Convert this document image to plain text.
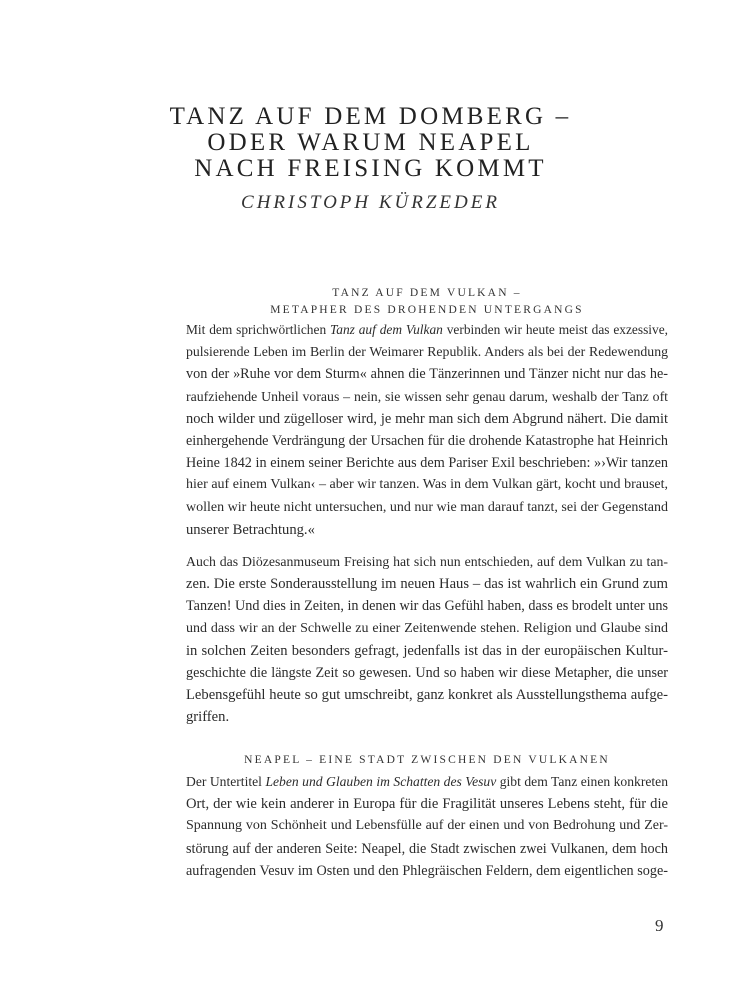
TANZ AUF DEM DOMBERG –
ODER WARUM NEAPEL
NACH FREISING KOMMT
CHRISTOPH KÜRZEDER
TANZ AUF DEM VULKAN –
METAPHER DES DROHENDEN UNTERGANGS
Mit dem sprichwörtlichen Tanz auf dem Vulkan verbinden wir heute meist das exzessive,
pulsierende Leben im Berlin der Weimarer Republik. Anders als bei der Redewendung
von der »Ruhe vor dem Sturm« ahnen die Tänzerinnen und Tänzer nicht nur das he-
raufziehende Unheil voraus – nein, sie wissen sehr genau darum, weshalb der Tanz oft
noch wilder und zügelloser wird, je mehr man sich dem Abgrund nähert. Die damit
einhergehende Verdrängung der Ursachen für die drohende Katastrophe hat Heinrich
Heine 1842 in einem seiner Berichte aus dem Pariser Exil beschrieben: »›Wir tanzen
hier auf einem Vulkan‹ – aber wir tanzen. Was in dem Vulkan gärt, kocht und brauset,
wollen wir heute nicht untersuchen, und nur wie man darauf tanzt, sei der Gegenstand
unserer Betrachtung.«
Auch das Diözesanmuseum Freising hat sich nun entschieden, auf dem Vulkan zu tan-
zen. Die erste Sonderausstellung im neuen Haus – das ist wahrlich ein Grund zum
Tanzen! Und dies in Zeiten, in denen wir das Gefühl haben, dass es brodelt unter uns
und dass wir an der Schwelle zu einer Zeitenwende stehen. Religion und Glaube sind
in solchen Zeiten besonders gefragt, jedenfalls ist das in der europäischen Kultur-
geschichte die längste Zeit so gewesen. Und so haben wir diese Metapher, die unser
Lebensgefühl heute so gut umschreibt, ganz konkret als Ausstellungsthema aufge-
griffen.
NEAPEL – EINE STADT ZWISCHEN DEN VULKANEN
Der Untertitel Leben und Glauben im Schatten des Vesuv gibt dem Tanz einen konkreten
Ort, der wie kein anderer in Europa für die Fragilität unseres Lebens steht, für die
Spannung von Schönheit und Lebensfülle auf der einen und von Bedrohung und Zer-
störung auf der anderen Seite: Neapel, die Stadt zwischen zwei Vulkanen, dem hoch
aufragenden Vesuv im Osten und den Phlegräischen Feldern, dem eigentlichen soge-
9
